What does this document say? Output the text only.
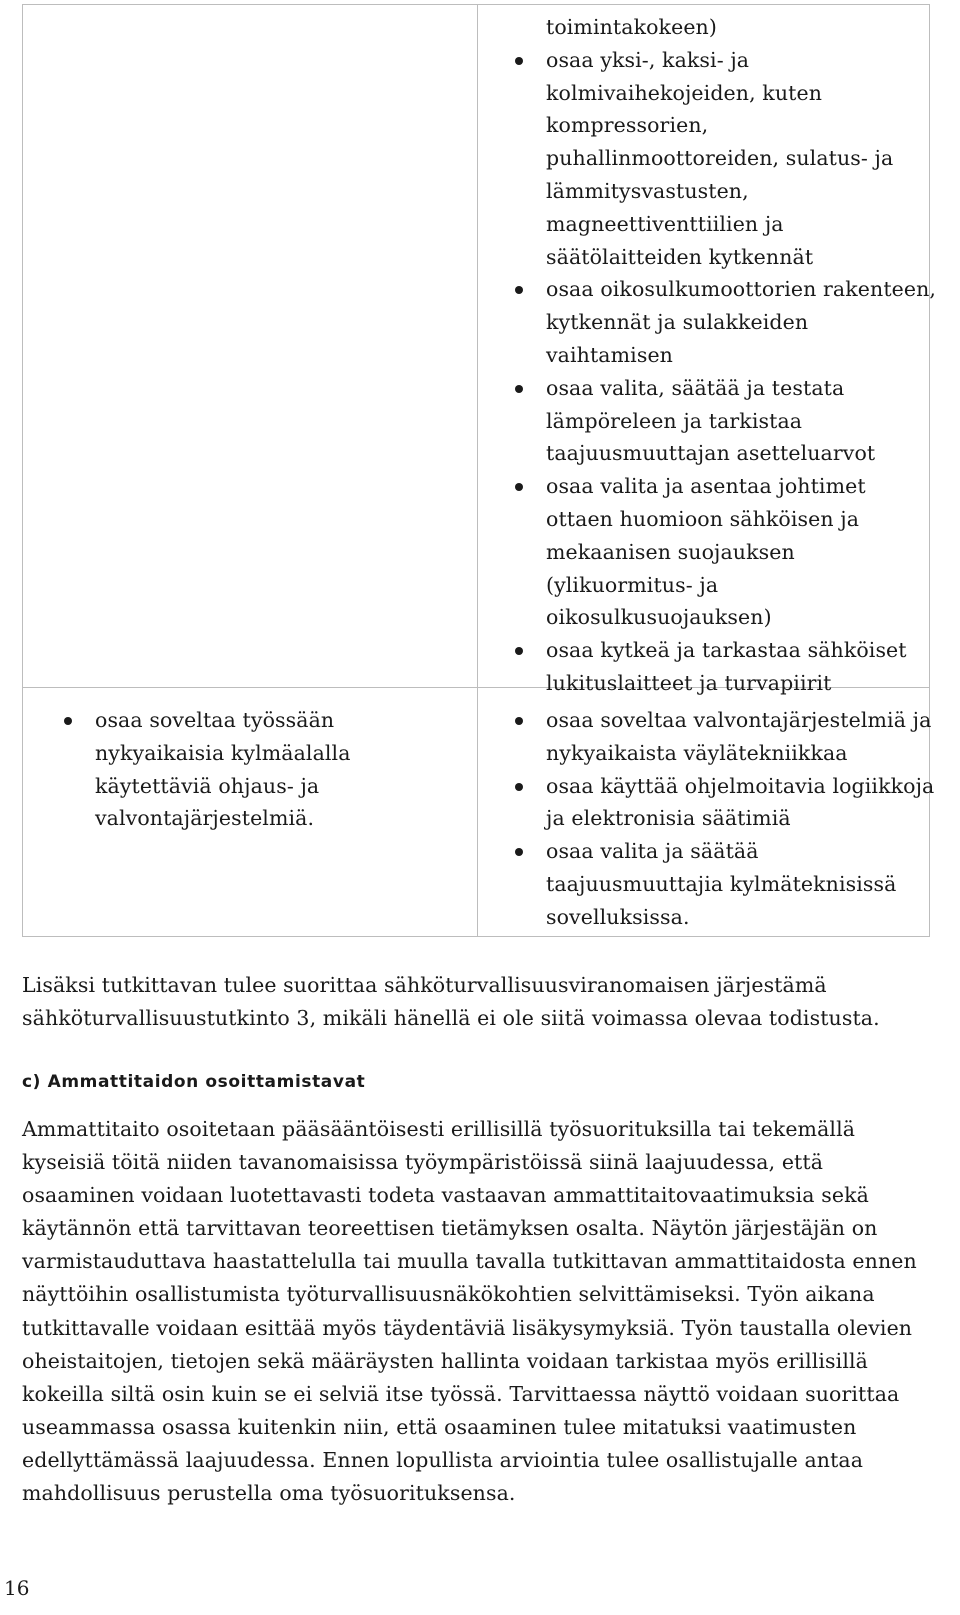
toimintakokeen)
osaa yksi-, kaksi- ja kolmivaihekojeiden, kuten kompressorien, puhallinmoottoreiden, sulatus- ja lämmitysvastusten, magneettiventtiilien ja säätölaitteiden kytkennät
osaa oikosulkumoottorien rakenteen, kytkennät ja sulakkeiden vaihtamisen
osaa valita, säätää ja testata lämpöreleen ja tarkistaa taajuusmuuttajan asetteluarvot
osaa valita ja asentaa johtimet ottaen huomioon sähköisen ja mekaanisen suojauksen (ylikuormitus- ja oikosulkusuojauksen)
osaa kytkeä ja tarkastaa sähköiset lukituslaitteet ja turvapiirit
osaa soveltaa työssään nykyaikaisia kylmäalalla käytettäviä ohjaus- ja valvontajärjestelmiä.
osaa soveltaa valvontajärjestelmiä ja nykyaikaista väylätekniikkaa
osaa käyttää ohjelmoitavia logiikkoja ja elektronisia säätimiä
osaa valita ja säätää taajuusmuuttajia kylmäteknisissä sovelluksissa.

Lisäksi tutkittavan tulee suorittaa sähköturvallisuusviranomaisen järjestämä sähköturvallisuustutkinto 3, mikäli hänellä ei ole siitä voimassa olevaa todistusta.

c) Ammattitaidon osoittamistavat

Ammattitaito osoitetaan pääsääntöisesti erillisillä työsuorituksilla tai tekemällä kyseisiä töitä niiden tavanomaisissa työympäristöissä siinä laajuudessa, että osaaminen voidaan luotettavasti todeta vastaavan ammattitaitovaatimuksia sekä käytännön että tarvittavan teoreettisen tietämyksen osalta. Näytön järjestäjän on varmistauduttava haastattelulla tai muulla tavalla tutkittavan ammattitaidosta ennen näyttöihin osallistumista työturvallisuusnäkökohtien selvittämiseksi. Työn aikana tutkittavalle voidaan esittää myös täydentäviä lisäkysymyksiä. Työn taustalla olevien oheistaitojen, tietojen sekä määräysten hallinta voidaan tarkistaa myös erillisillä kokeilla siltä osin kuin se ei selviä itse työssä. Tarvittaessa näyttö voidaan suorittaa useammassa osassa kuitenkin niin, että osaaminen tulee mitatuksi vaatimusten edellyttämässä laajuudessa. Ennen lopullista arviointia tulee osallistujalle antaa mahdollisuus perustella oma työsuorituksensa.

16
